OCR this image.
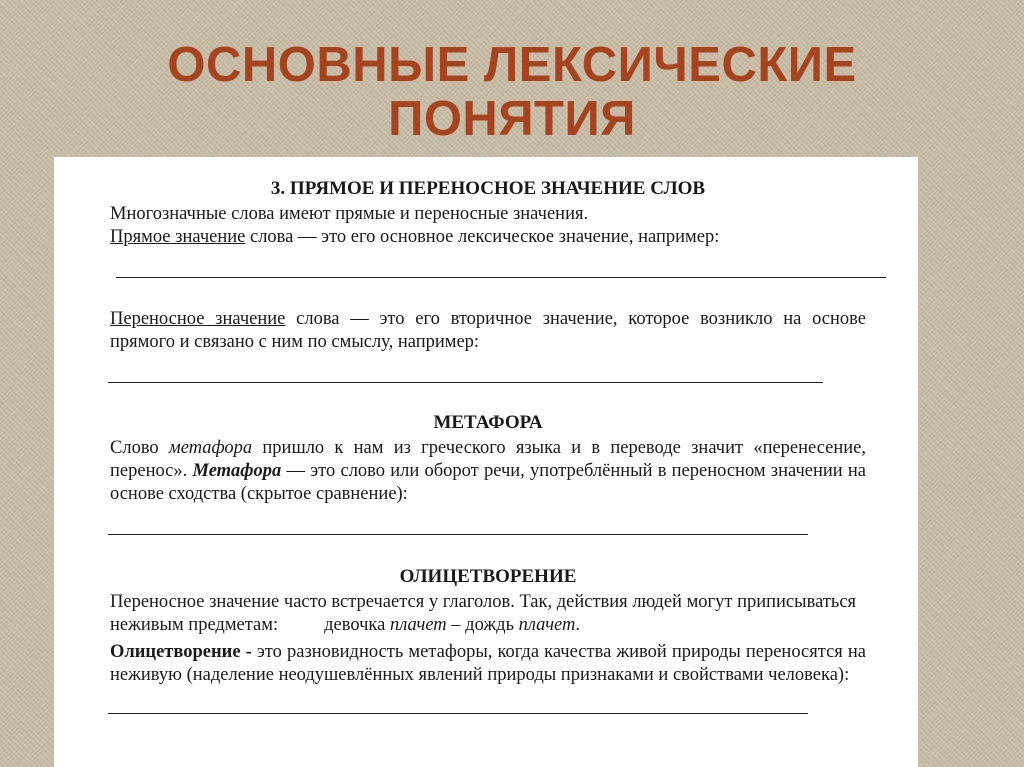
ОСНОВНЫЕ ЛЕКСИЧЕСКИЕ
ПОНЯТИЯ

3. ПРЯМОЕ И ПЕРЕНОСНОЕ ЗНАЧЕНИЕ СЛОВ

Многозначные слова имеют прямые и переносные значения.

Прямое значение слова — это его основное лексическое значение, например:

Переносное значение слова — это его вторичное значение, которое возникло на основе прямого и связано с ним по смыслу, например:

МЕТАФОРА

Слово метафора пришло к нам из греческого языка и в переводе значит «перенесение, перенос». Метафора — это слово или оборот речи, употреблённый в переносном значении на основе сходства (скрытое сравнение):

ОЛИЦЕТВОРЕНИЕ

Переносное значение часто встречается у глаголов. Так, действия людей могут приписываться неживым предметам: девочка плачет – дождь плачет.

Олицетворение - это разновидность метафоры, когда качества живой природы переносятся на неживую (наделение неодушевлённых явлений природы признаками и свойствами человека):
